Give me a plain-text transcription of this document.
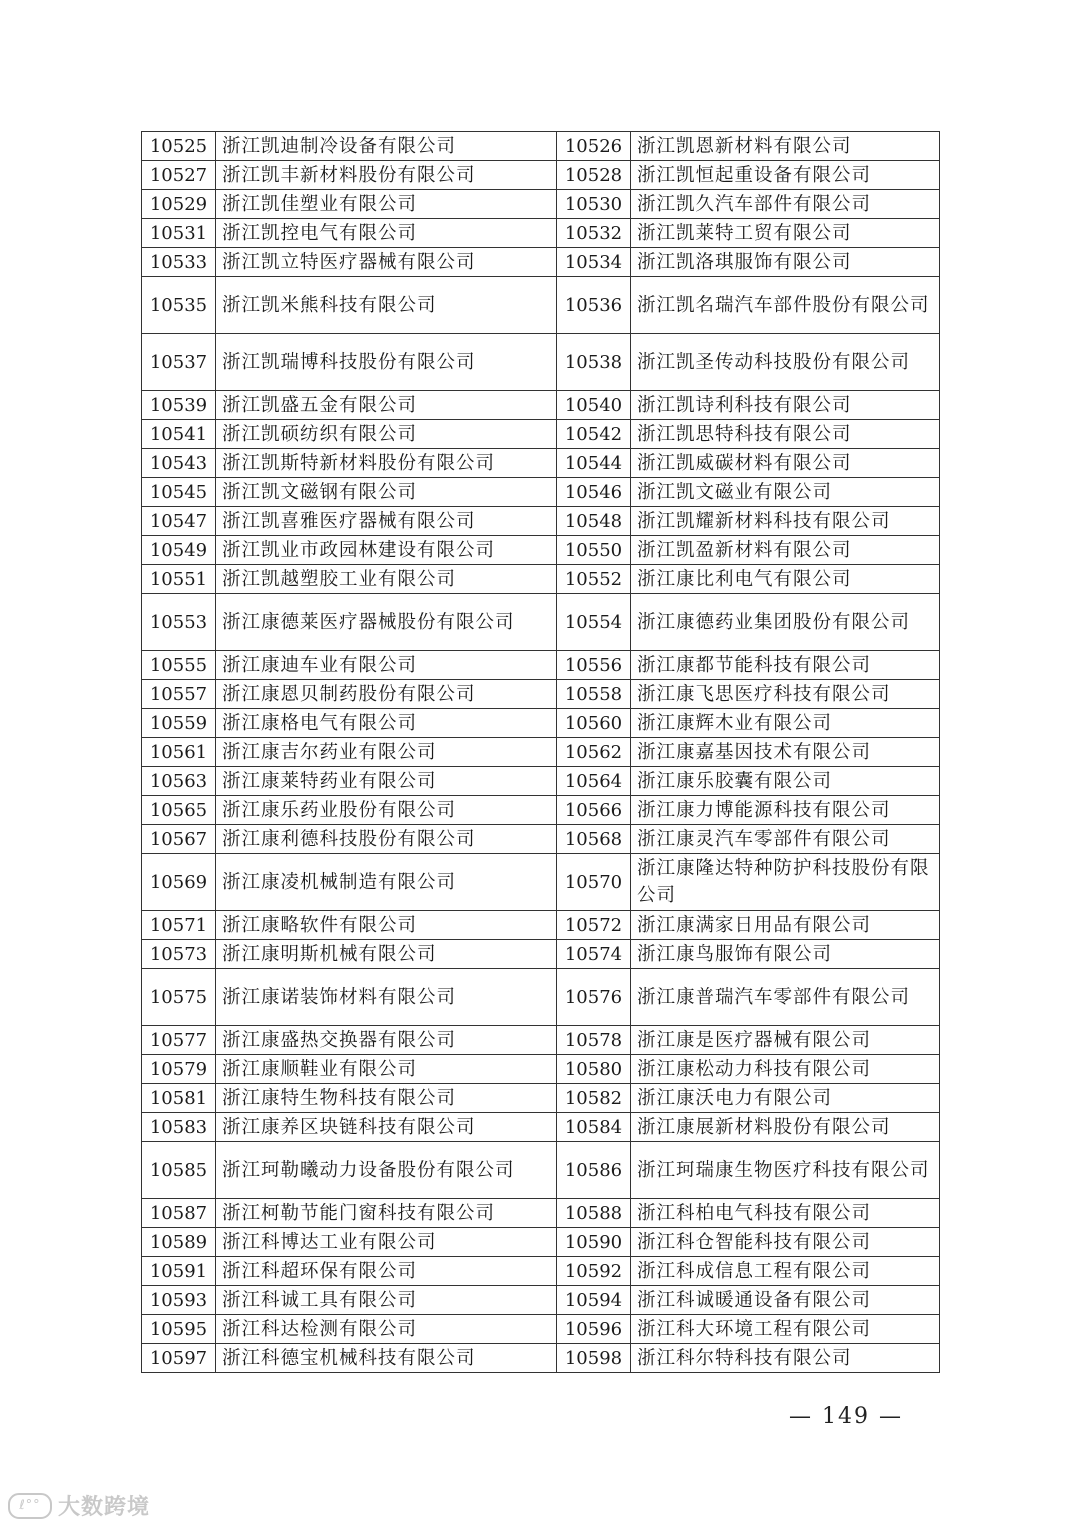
10525	浙江凯迪制冷设备有限公司	10526	浙江凯恩新材料有限公司
10527	浙江凯丰新材料股份有限公司	10528	浙江凯恒起重设备有限公司
10529	浙江凯佳塑业有限公司	10530	浙江凯久汽车部件有限公司
10531	浙江凯控电气有限公司	10532	浙江凯莱特工贸有限公司
10533	浙江凯立特医疗器械有限公司	10534	浙江凯洛琪服饰有限公司
10535	浙江凯米熊科技有限公司	10536	浙江凯名瑞汽车部件股份有限公司
10537	浙江凯瑞博科技股份有限公司	10538	浙江凯圣传动科技股份有限公司
10539	浙江凯盛五金有限公司	10540	浙江凯诗利科技有限公司
10541	浙江凯硕纺织有限公司	10542	浙江凯思特科技有限公司
10543	浙江凯斯特新材料股份有限公司	10544	浙江凯威碳材料有限公司
10545	浙江凯文磁钢有限公司	10546	浙江凯文磁业有限公司
10547	浙江凯喜雅医疗器械有限公司	10548	浙江凯耀新材料科技有限公司
10549	浙江凯业市政园林建设有限公司	10550	浙江凯盈新材料有限公司
10551	浙江凯越塑胶工业有限公司	10552	浙江康比利电气有限公司
10553	浙江康德莱医疗器械股份有限公司	10554	浙江康德药业集团股份有限公司
10555	浙江康迪车业有限公司	10556	浙江康都节能科技有限公司
10557	浙江康恩贝制药股份有限公司	10558	浙江康飞思医疗科技有限公司
10559	浙江康格电气有限公司	10560	浙江康辉木业有限公司
10561	浙江康吉尔药业有限公司	10562	浙江康嘉基因技术有限公司
10563	浙江康莱特药业有限公司	10564	浙江康乐胶囊有限公司
10565	浙江康乐药业股份有限公司	10566	浙江康力博能源科技有限公司
10567	浙江康利德科技股份有限公司	10568	浙江康灵汽车零部件有限公司
10569	浙江康凌机械制造有限公司	10570	浙江康隆达特种防护科技股份有限公司
10571	浙江康略软件有限公司	10572	浙江康满家日用品有限公司
10573	浙江康明斯机械有限公司	10574	浙江康鸟服饰有限公司
10575	浙江康诺装饰材料有限公司	10576	浙江康普瑞汽车零部件有限公司
10577	浙江康盛热交换器有限公司	10578	浙江康是医疗器械有限公司
10579	浙江康顺鞋业有限公司	10580	浙江康松动力科技有限公司
10581	浙江康特生物科技有限公司	10582	浙江康沃电力有限公司
10583	浙江康养区块链科技有限公司	10584	浙江康展新材料股份有限公司
10585	浙江珂勒曦动力设备股份有限公司	10586	浙江珂瑞康生物医疗科技有限公司
10587	浙江柯勒节能门窗科技有限公司	10588	浙江科柏电气科技有限公司
10589	浙江科博达工业有限公司	10590	浙江科仓智能科技有限公司
10591	浙江科超环保有限公司	10592	浙江科成信息工程有限公司
10593	浙江科诚工具有限公司	10594	浙江科诚暖通设备有限公司
10595	浙江科达检测有限公司	10596	浙江科大环境工程有限公司
10597	浙江科德宝机械科技有限公司	10598	浙江科尔特科技有限公司
— 149 —
ℓ°° 大数跨境
